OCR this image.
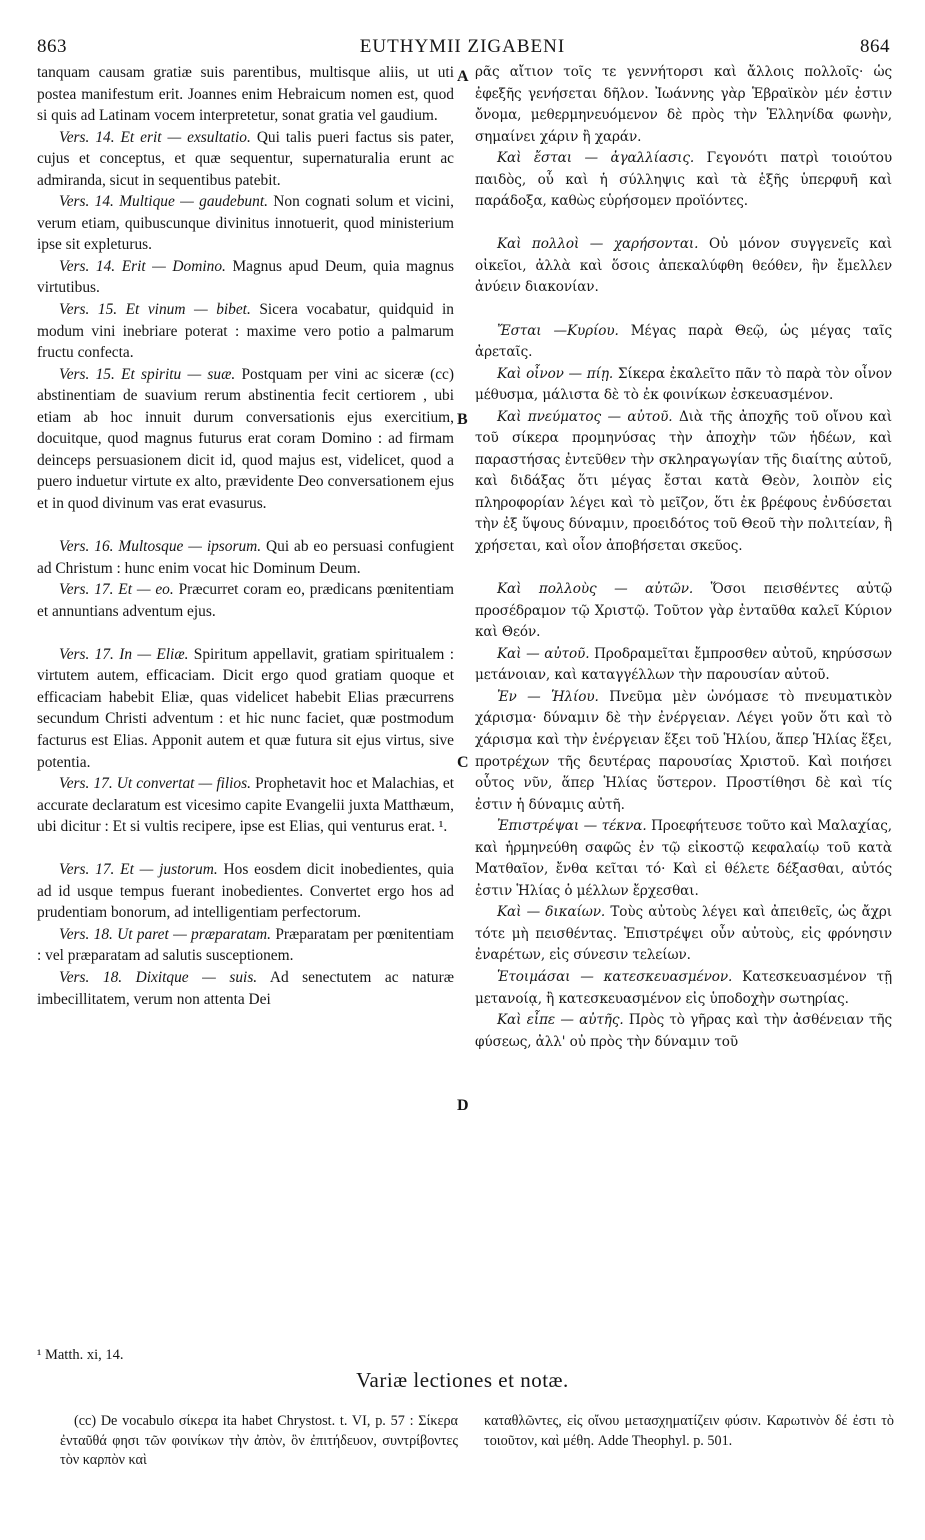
863	EUTHYMII ZIGABENI	864
tanquam causam gratiæ suis parentibus, multisque aliis, ut uti postea manifestum erit. Joannes enim Hebraicum nomen est, quod si quis ad Latinam vocem interpretetur, sonat gratia vel gaudium.
Vers. 14. Et erit — exsultatio. Qui talis pueri factus sis pater, cujus et conceptus, et quæ sequentur, supernaturalia erunt ac admiranda, sicut in sequentibus patebit.
Vers. 14. Multique — gaudebunt. Non cognati solum et vicini, verum etiam, quibuscunque divinitus innotuerit, quod ministerium ipse sit expleturus.
Vers. 14. Erit — Domino. Magnus apud Deum, quia magnus virtutibus.
Vers. 15. Et vinum — bibet. Sicera vocabatur, quidquid in modum vini inebriare poterat : maxime vero potio a palmarum fructu confecta.
Vers. 15. Et spiritu — suæ. Postquam per vini ac siceræ (cc) abstinentiam de suavium rerum abstinentia fecit certiorem , ubi etiam ab hoc innuit durum conversationis ejus exercitium, docuitque, quod magnus futurus erat coram Domino : ad firmam deinceps persuasionem dicit id, quod majus est, videlicet, quod a puero induetur virtute ex alto, prævidente Deo conversationem ejus et in quod divinum vas erat evasurus.
Vers. 16. Multosque — ipsorum. Qui ab eo persuasi confugient ad Christum : hunc enim vocat hic Dominum Deum.
Vers. 17. Et — eo. Præcurret coram eo, prædicans pœnitentiam et annuntians adventum ejus.
Vers. 17. In — Eliæ. Spiritum appellavit, gratiam spiritualem : virtutem autem, efficaciam. Dicit ergo quod gratiam quoque et efficaciam habebit Eliæ, quas videlicet habebit Elias præcurrens secundum Christi adventum : et hic nunc faciet, quæ postmodum facturus est Elias. Apponit autem et quæ futura sit ejus virtus, sive potentia.
Vers. 17. Ut convertat — filios. Prophetavit hoc et Malachias, et accurate declaratum est vicesimo capite Evangelii juxta Matthæum, ubi dicitur : Et si vultis recipere, ipse est Elias, qui venturus erat. ¹.
Vers. 17. Et — justorum. Hos eosdem dicit inobedientes, quia ad id usque tempus fuerant inobedientes. Convertet ergo hos ad prudentiam bonorum, ad intelligentiam perfectorum.
Vers. 18. Ut paret — præparatam. Præparatam per pœnitentiam : vel præparatam ad salutis susceptionem.
Vers. 18. Dixitque — suis. Ad senectutem ac naturæ imbecillitatem, verum non attenta Dei
A
B
C
D
ρᾶς αἴτιον τοῖς τε γεννήτορσι καὶ ἄλλοις πολλοῖς· ὡς ἐφεξῆς γενήσεται δῆλον. Ἰωάννης γὰρ Ἑβραϊκὸν μέν ἐστιν ὄνομα, μεθερμηνευόμενον δὲ πρὸς τὴν Ἑλληνίδα φωνὴν, σημαίνει χάριν ἢ χαράν.
Καὶ ἔσται — ἀγαλλίασις. Γεγονότι πατρὶ τοιούτου παιδὸς, οὗ καὶ ἡ σύλληψις καὶ τὰ ἑξῆς ὑπερφυῆ καὶ παράδοξα, καθὼς εὑρήσομεν προϊόντες.
Καὶ πολλοὶ — χαρήσονται. Οὐ μόνον συγγενεῖς καὶ οἰκεῖοι, ἀλλὰ καὶ ὅσοις ἀπεκαλύφθη θεόθεν, ἣν ἔμελλεν ἀνύειν διακονίαν.
Ἔσται —Κυρίου. Μέγας παρὰ Θεῷ, ὡς μέγας ταῖς ἀρεταῖς.
Καὶ οἶνον — πίῃ. Σίκερα ἐκαλεῖτο πᾶν τὸ παρὰ τὸν οἶνον μέθυσμα, μάλιστα δὲ τὸ ἐκ φοινίκων ἐσκευασμένον.
Καὶ πνεύματος — αὐτοῦ. Διὰ τῆς ἀποχῆς τοῦ οἴνου καὶ τοῦ σίκερα προμηνύσας τὴν ἀποχὴν τῶν ἡδέων, καὶ παραστήσας ἐντεῦθεν τὴν σκληραγωγίαν τῆς διαίτης αὐτοῦ, καὶ διδάξας ὅτι μέγας ἔσται κατὰ Θεὸν, λοιπὸν εἰς πληροφορίαν λέγει καὶ τὸ μεῖζον, ὅτι ἐκ βρέφους ἐνδύσεται τὴν ἐξ ὕψους δύναμιν, προειδότος τοῦ Θεοῦ τὴν πολιτείαν, ἣ χρήσεται, καὶ οἷον ἀποβήσεται σκεῦος.
Καὶ πολλοὺς — αὐτῶν. Ὅσοι πεισθέντες αὐτῷ προσέδραμον τῷ Χριστῷ. Τοῦτον γὰρ ἐνταῦθα καλεῖ Κύριον καὶ Θεόν.
Καὶ — αὐτοῦ. Προδραμεῖται ἔμπροσθεν αὐτοῦ, κηρύσσων μετάνοιαν, καὶ καταγγέλλων τὴν παρουσίαν αὐτοῦ.
Ἐν — Ἡλίου. Πνεῦμα μὲν ὠνόμασε τὸ πνευματικὸν χάρισμα· δύναμιν δὲ τὴν ἐνέργειαν. Λέγει γοῦν ὅτι καὶ τὸ χάρισμα καὶ τὴν ἐνέργειαν ἕξει τοῦ Ἡλίου, ἅπερ Ἡλίας ἕξει, προτρέχων τῆς δευτέρας παρουσίας Χριστοῦ. Καὶ ποιήσει οὗτος νῦν, ἅπερ Ἡλίας ὕστερον. Προστίθησι δὲ καὶ τίς ἐστιν ἡ δύναμις αὐτῆ.
Ἐπιστρέψαι — τέκνα. Προεφήτευσε τοῦτο καὶ Μαλαχίας, καὶ ἡρμηνεύθη σαφῶς ἐν τῷ εἰκοστῷ κεφαλαίῳ τοῦ κατὰ Ματθαῖον, ἔνθα κεῖται τό· Καὶ εἰ θέλετε δέξασθαι, αὐτός ἐστιν Ἡλίας ὁ μέλλων ἔρχεσθαι.
Καὶ — δικαίων. Τοὺς αὐτοὺς λέγει καὶ ἀπειθεῖς, ὡς ἄχρι τότε μὴ πεισθέντας. Ἐπιστρέψει οὖν αὐτοὺς, εἰς φρόνησιν ἐναρέτων, εἰς σύνεσιν τελείων.
Ἑτοιμάσαι — κατεσκευασμένον. Κατεσκευασμένον τῇ μετανοίᾳ, ἢ κατεσκευασμένον εἰς ὑποδοχὴν σωτηρίας.
Καὶ εἶπε — αὐτῆς. Πρὸς τὸ γῆρας καὶ τὴν ἀσθένειαν τῆς φύσεως, ἀλλ' οὐ πρὸς τὴν δύναμιν τοῦ
¹ Matth. xi, 14.
Variæ lectiones et notæ.
(cc) De vocabulo σίκερα ita habet Chrystost. t. VI, p. 57 : Σίκερα ἐνταῦθά φησι τῶν φοινίκων τὴν ἀπὸν, ὃν ἐπιτήδευον, συντρίβοντες τὸν καρπὸν καὶ
καταθλῶντες, εἰς οἴνου μετασχηματίζειν φύσιν. Καρωτινὸν δέ ἐστι τὸ τοιοῦτον, καὶ μέθη. Adde Theophyl. p. 501.
